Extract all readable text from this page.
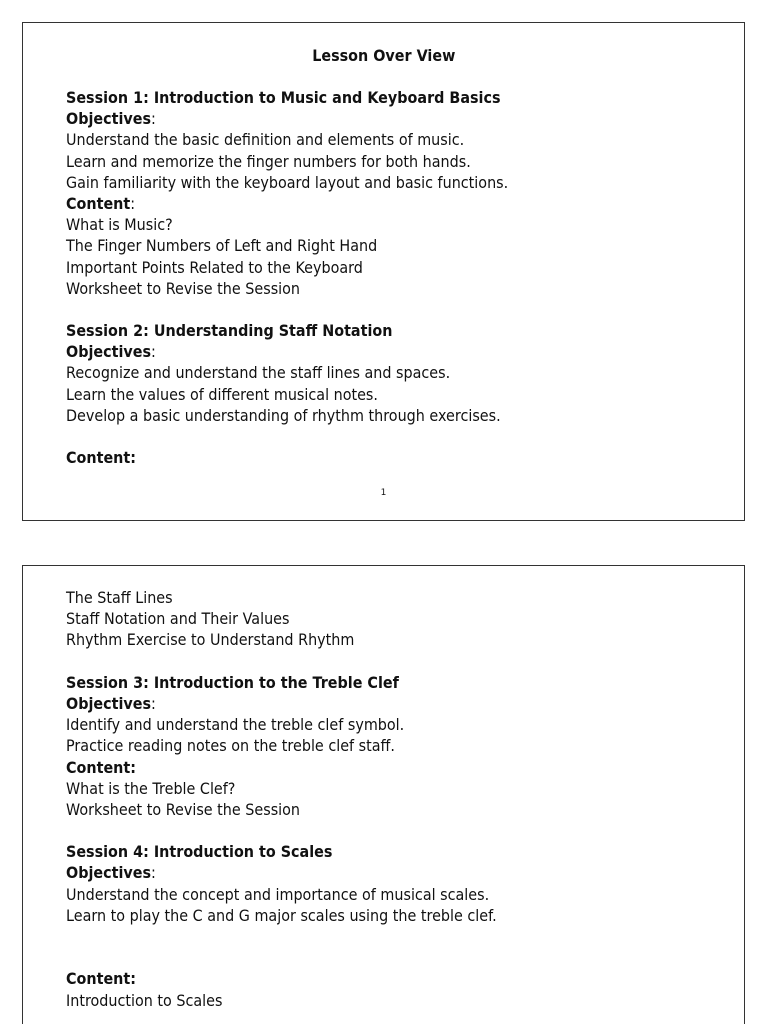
Lesson Over View
Session 1: Introduction to Music and Keyboard Basics
Objectives:
Understand the basic definition and elements of music.
Learn and memorize the finger numbers for both hands.
Gain familiarity with the keyboard layout and basic functions.
Content:
What is Music?
The Finger Numbers of Left and Right Hand
Important Points Related to the Keyboard
Worksheet to Revise the Session
Session 2: Understanding Staff Notation
Objectives:
Recognize and understand the staff lines and spaces.
Learn the values of different musical notes.
Develop a basic understanding of rhythm through exercises.
Content:
1
The Staff Lines
Staff Notation and Their Values
Rhythm Exercise to Understand Rhythm
Session 3: Introduction to the Treble Clef
Objectives:
Identify and understand the treble clef symbol.
Practice reading notes on the treble clef staff.
Content:
What is the Treble Clef?
Worksheet to Revise the Session
Session 4: Introduction to Scales
Objectives:
Understand the concept and importance of musical scales.
Learn to play the C and G major scales using the treble clef.
Content:
Introduction to Scales
